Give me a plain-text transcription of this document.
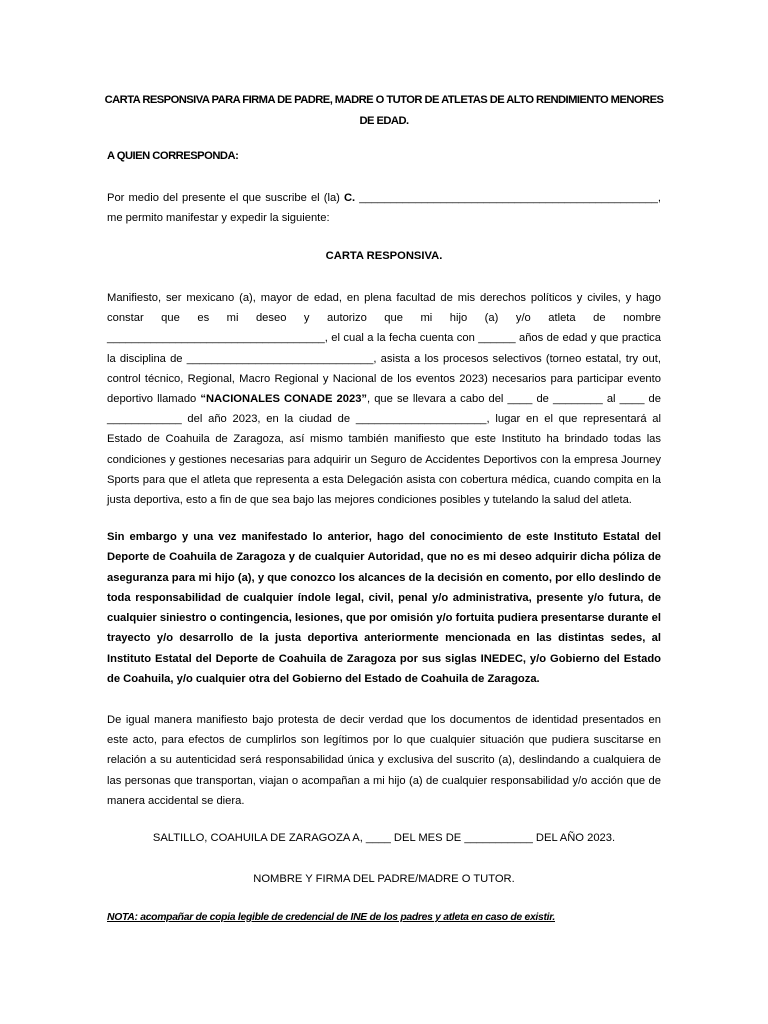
CARTA RESPONSIVA PARA FIRMA DE PADRE, MADRE O TUTOR DE ATLETAS DE ALTO RENDIMIENTO MENORES DE EDAD.
A QUIEN CORRESPONDA:
Por medio del presente el que suscribe el (la) C. ________________________________________________, me permito manifestar y expedir la siguiente:
CARTA RESPONSIVA.
Manifiesto, ser mexicano (a), mayor de edad, en plena facultad de mis derechos políticos y civiles, y hago constar que es mi deseo y autorizo que mi hijo (a) y/o atleta de nombre ___________________________________, el cual a la fecha cuenta con ______ años de edad y que practica la disciplina de ______________________________, asista a los procesos selectivos (torneo estatal, try out, control técnico, Regional, Macro Regional y Nacional de los eventos 2023) necesarios para participar evento deportivo llamado “NACIONALES CONADE 2023”, que se llevara a cabo del ____ de ________ al ____ de ____________ del año 2023, en la ciudad de _____________________, lugar en el que representará al Estado de Coahuila de Zaragoza, así mismo también manifiesto que este Instituto ha brindado todas las condiciones y gestiones necesarias para adquirir un Seguro de Accidentes Deportivos con la empresa Journey Sports para que el atleta que representa a esta Delegación asista con cobertura médica, cuando compita en la justa deportiva, esto a fin de que sea bajo las mejores condiciones posibles y tutelando la salud del atleta.
Sin embargo y una vez manifestado lo anterior, hago del conocimiento de este Instituto Estatal del Deporte de Coahuila de Zaragoza y de cualquier Autoridad, que no es mi deseo adquirir dicha póliza de aseguranza para mi hijo (a), y que conozco los alcances de la decisión en comento, por ello deslindo de toda responsabilidad de cualquier índole legal, civil, penal y/o administrativa, presente y/o futura, de cualquier siniestro o contingencia, lesiones, que por omisión y/o fortuita pudiera presentarse durante el trayecto y/o desarrollo de la justa deportiva anteriormente mencionada en las distintas sedes, al Instituto Estatal del Deporte de Coahuila de Zaragoza por sus siglas INEDEC, y/o Gobierno del Estado de Coahuila, y/o cualquier otra del Gobierno del Estado de Coahuila de Zaragoza.
De igual manera manifiesto bajo protesta de decir verdad que los documentos de identidad presentados en este acto, para efectos de cumplirlos son legítimos por lo que cualquier situación que pudiera suscitarse en relación a su autenticidad será responsabilidad única y exclusiva del suscrito (a), deslindando a cualquiera de las personas que transportan, viajan o acompañan a mi hijo (a) de cualquier responsabilidad y/o acción que de manera accidental se diera.
SALTILLO, COAHUILA DE ZARAGOZA A, ____ DEL MES DE ___________ DEL AÑO 2023.
NOMBRE Y FIRMA DEL PADRE/MADRE O TUTOR.
NOTA: acompañar de copia legible de credencial de INE de los padres y atleta en caso de existir.
